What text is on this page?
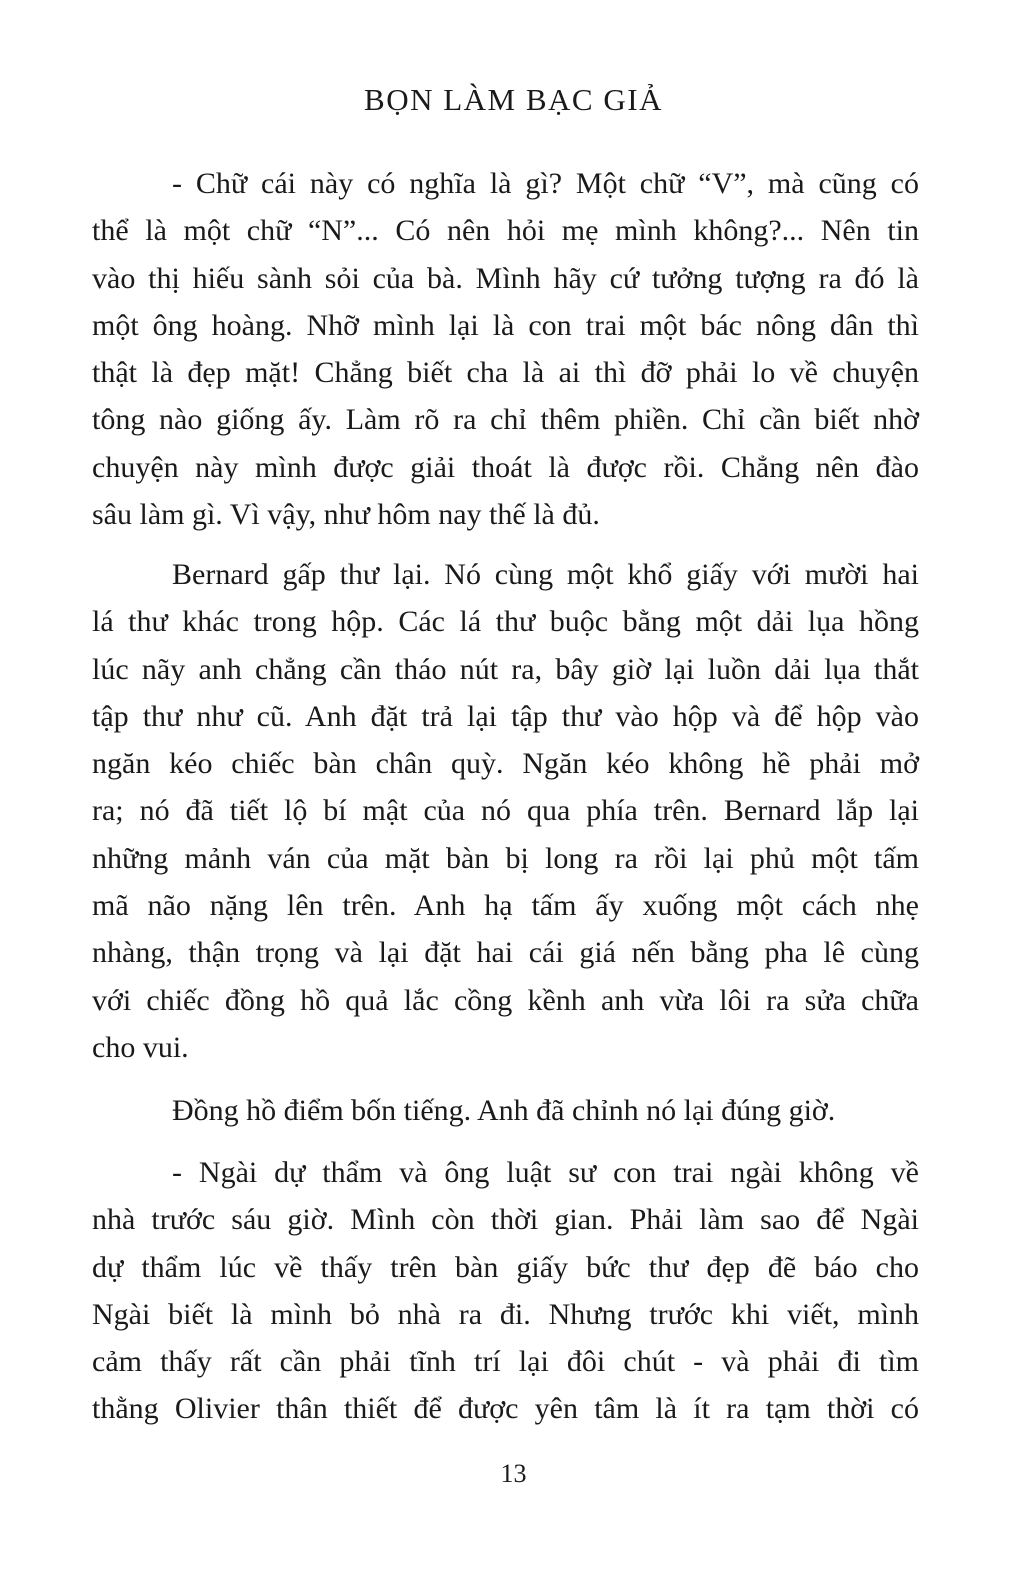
BỌN LÀM BẠC GIẢ
- Chữ cái này có nghĩa là gì? Một chữ “V”, mà cũng có
thể là một chữ “N”... Có nên hỏi mẹ mình không?... Nên tin
vào thị hiếu sành sỏi của bà. Mình hãy cứ tưởng tượng ra đó là
một ông hoàng. Nhỡ mình lại là con trai một bác nông dân thì
thật là đẹp mặt! Chẳng biết cha là ai thì đỡ phải lo về chuyện
tông nào giống ấy. Làm rõ ra chỉ thêm phiền. Chỉ cần biết nhờ
chuyện này mình được giải thoát là được rồi. Chẳng nên đào
sâu làm gì. Vì vậy, như hôm nay thế là đủ.
Bernard gấp thư lại. Nó cùng một khổ giấy với mười hai
lá thư khác trong hộp. Các lá thư buộc bằng một dải lụa hồng
lúc nãy anh chẳng cần tháo nút ra, bây giờ lại luồn dải lụa thắt
tập thư như cũ. Anh đặt trả lại tập thư vào hộp và để hộp vào
ngăn kéo chiếc bàn chân quỳ. Ngăn kéo không hề phải mở
ra; nó đã tiết lộ bí mật của nó qua phía trên. Bernard lắp lại
những mảnh ván của mặt bàn bị long ra rồi lại phủ một tấm
mã não nặng lên trên. Anh hạ tấm ấy xuống một cách nhẹ
nhàng, thận trọng và lại đặt hai cái giá nến bằng pha lê cùng
với chiếc đồng hồ quả lắc cồng kềnh anh vừa lôi ra sửa chữa
cho vui.
Đồng hồ điểm bốn tiếng. Anh đã chỉnh nó lại đúng giờ.
- Ngài dự thẩm và ông luật sư con trai ngài không về
nhà trước sáu giờ. Mình còn thời gian. Phải làm sao để Ngài
dự thẩm lúc về thấy trên bàn giấy bức thư đẹp đẽ báo cho
Ngài biết là mình bỏ nhà ra đi. Nhưng trước khi viết, mình
cảm thấy rất cần phải tĩnh trí lại đôi chút - và phải đi tìm
thằng Olivier thân thiết để được yên tâm là ít ra tạm thời có
13
